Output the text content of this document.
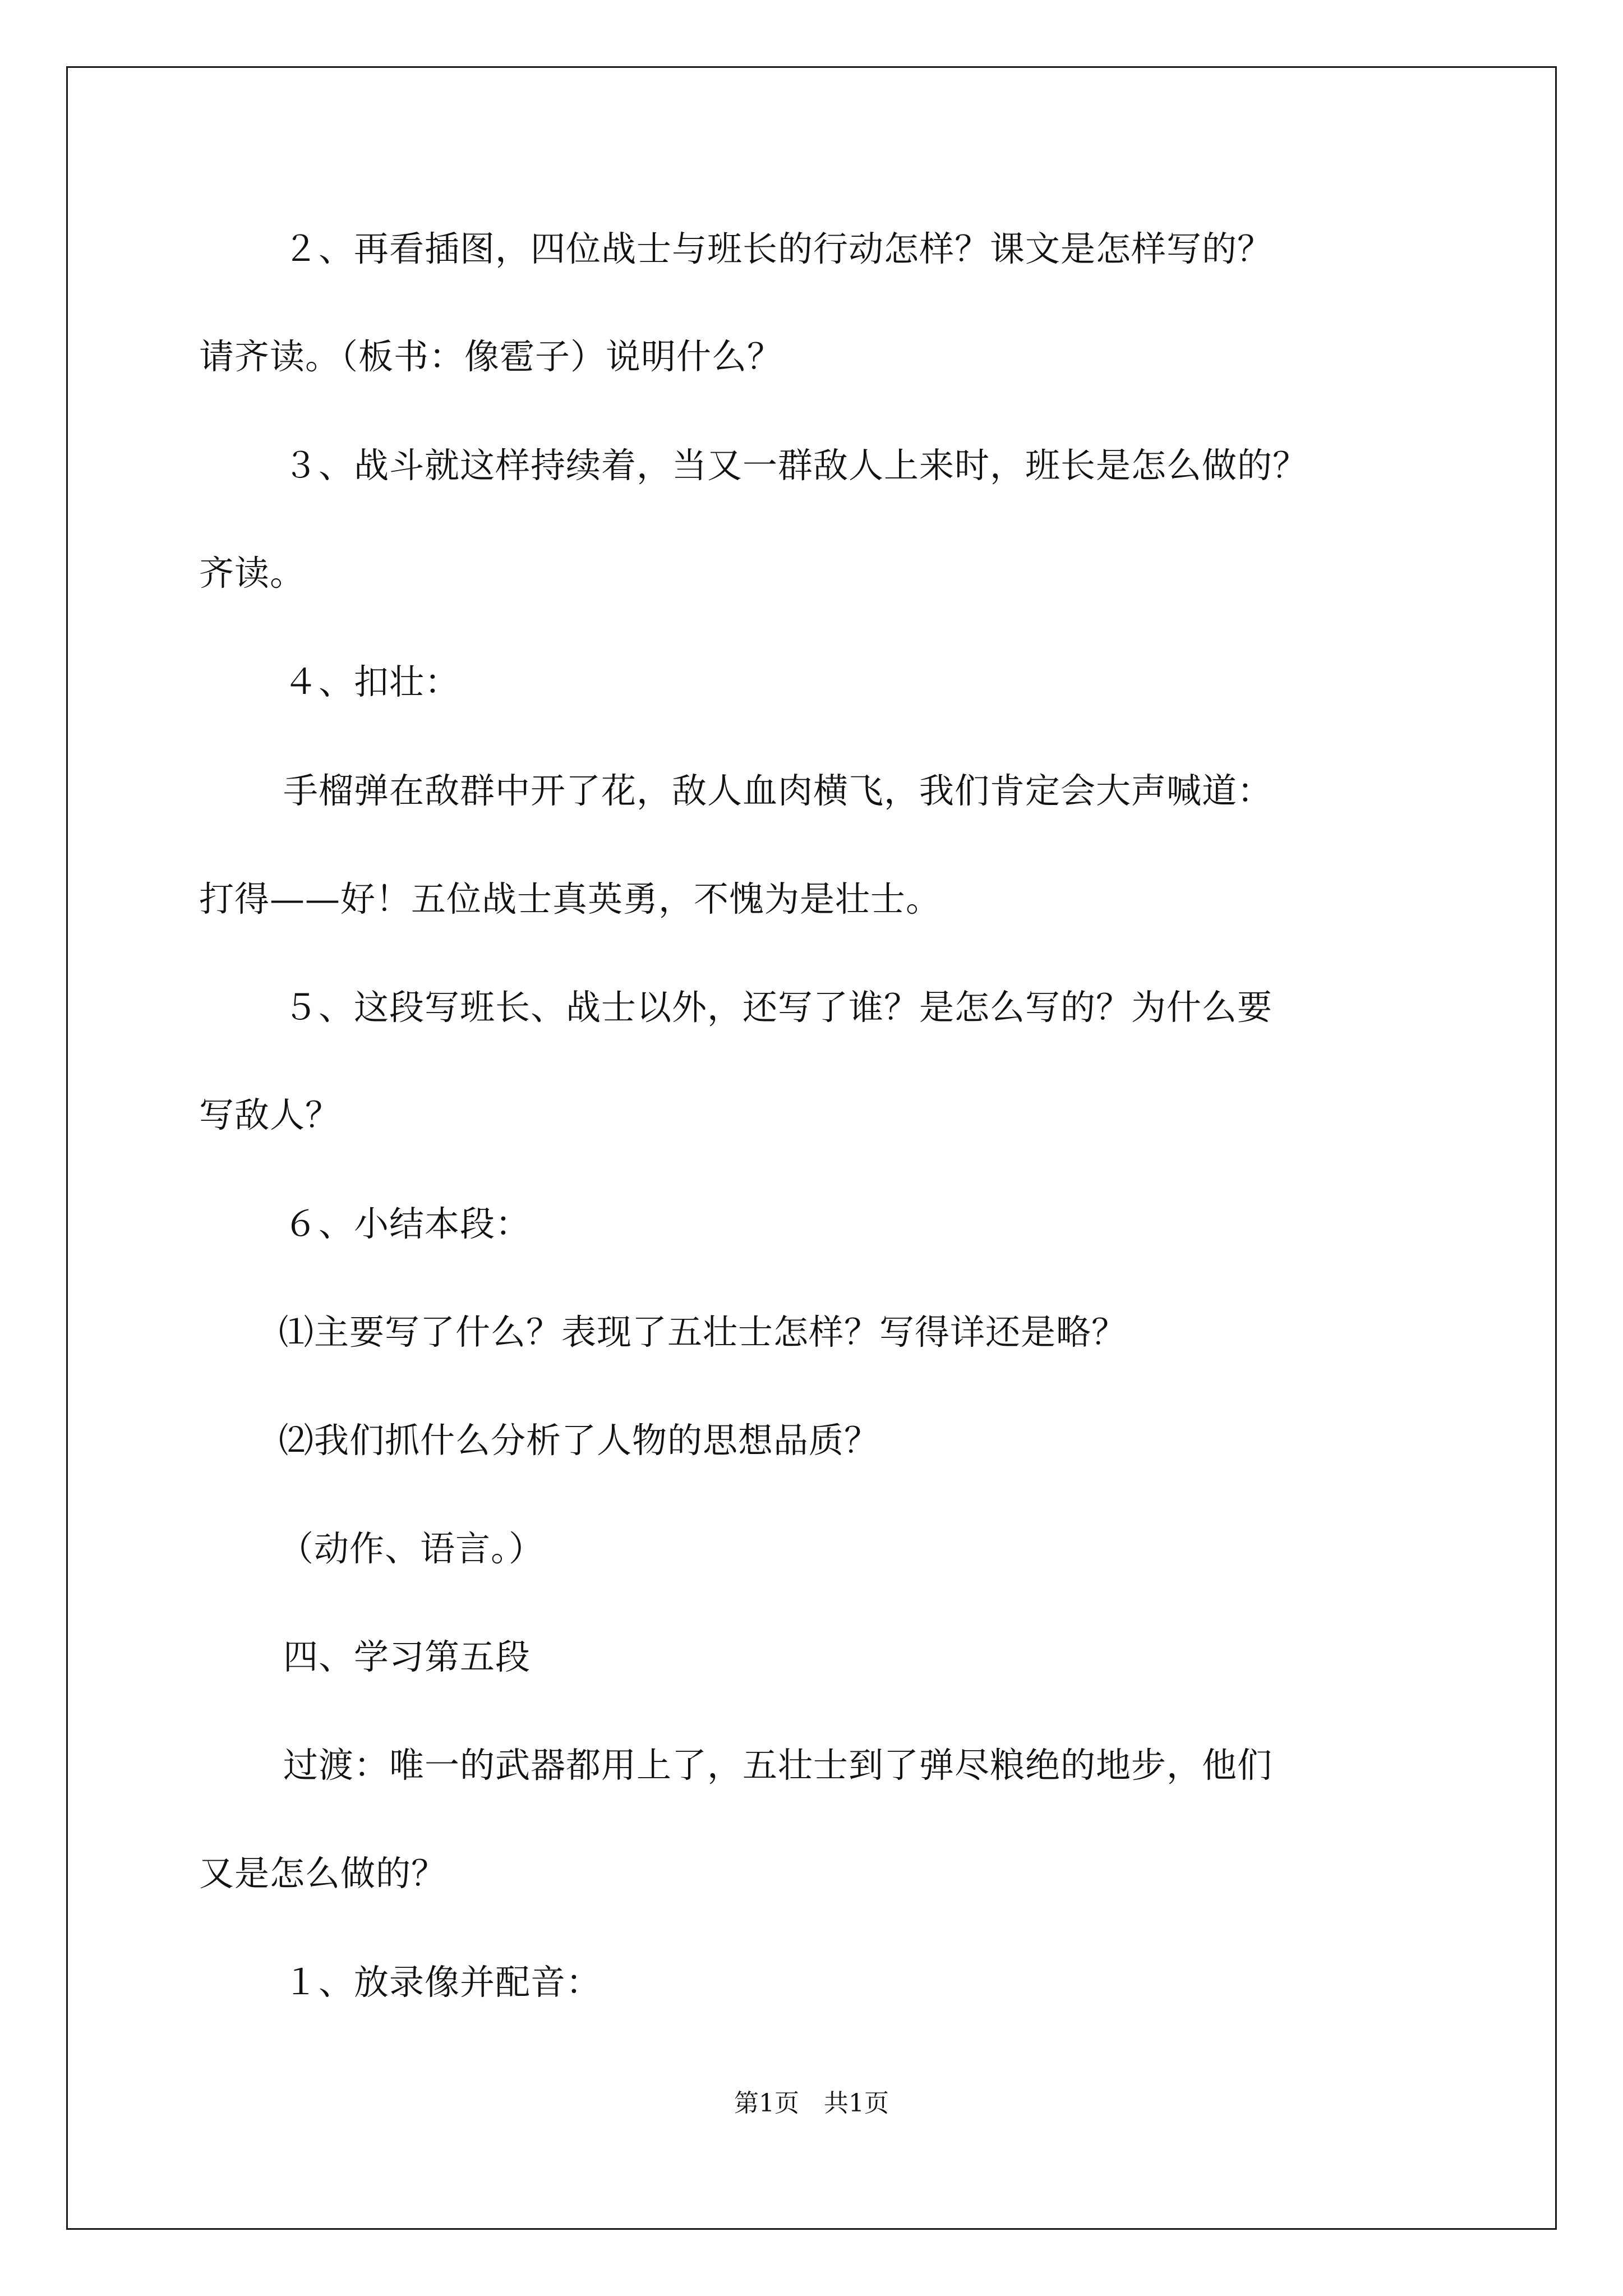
２、再看插图，四位战士与班长的行动怎样？课文是怎样写的？
请齐读。（板书：像雹子）说明什么？
３、战斗就这样持续着，当又一群敌人上来时，班长是怎么做的？
齐读。
４、扣壮：
手榴弹在敌群中开了花，敌人血肉横飞，我们肯定会大声喊道：
打得——好！五位战士真英勇，不愧为是壮士。
５、这段写班长、战士以外，还写了谁？是怎么写的？为什么要
写敌人？
６、小结本段：
⑴主要写了什么？表现了五壮士怎样？写得详还是略？
⑵我们抓什么分析了人物的思想品质？
（动作、语言。）
四、学习第五段
过渡：唯一的武器都用上了，五壮士到了弹尽粮绝的地步，他们
又是怎么做的？
１、放录像并配音：
第1页　共1页
